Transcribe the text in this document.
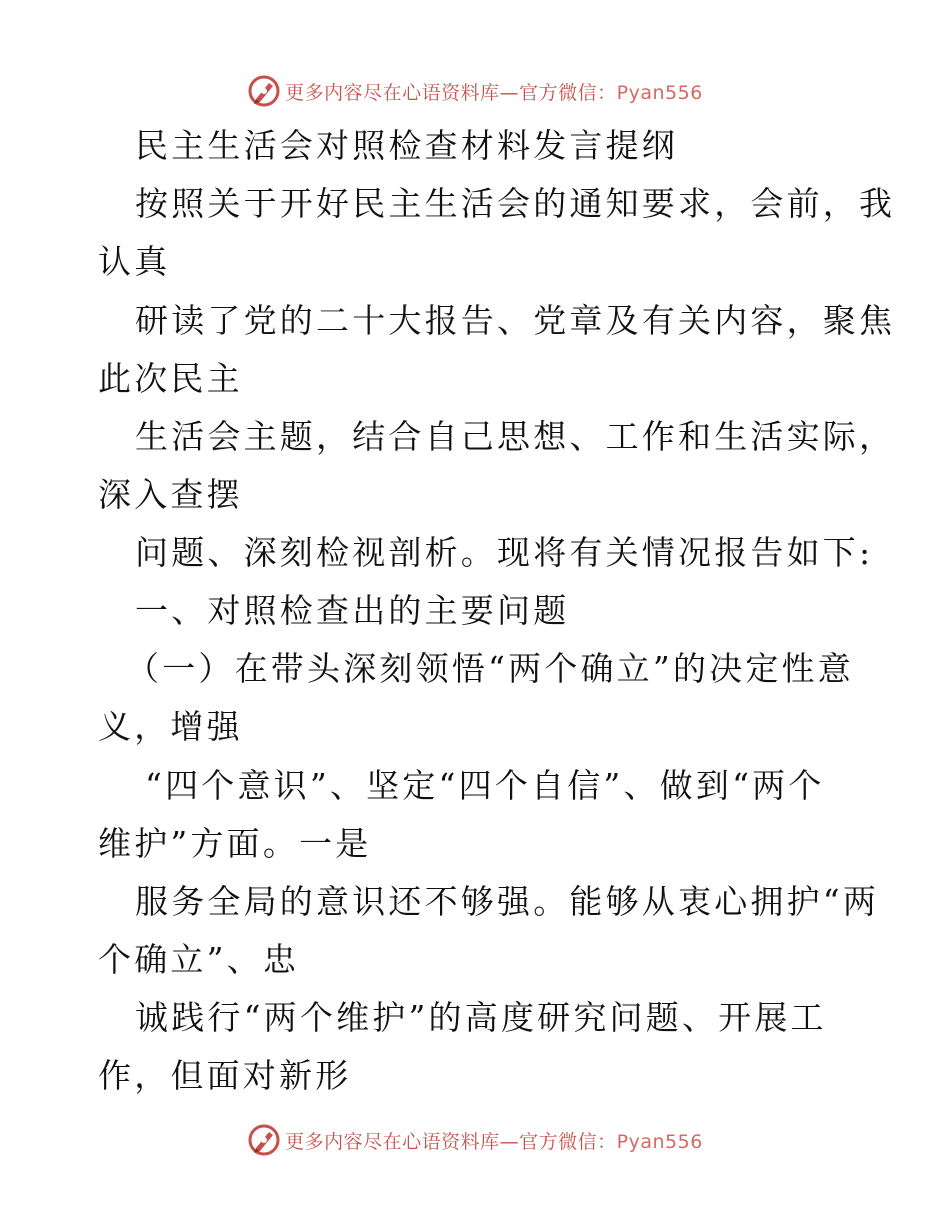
更多内容尽在心语资料库—官方微信：Pyan556
民主生活会对照检查材料发言提纲
按照关于开好民主生活会的通知要求，会前，我
认真
研读了党的二十大报告、党章及有关内容，聚焦
此次民主
生活会主题，结合自己思想、工作和生活实际，
深入查摆
问题、深刻检视剖析。现将有关情况报告如下:
一、对照检查出的主要问题
（一）在带头深刻领悟“两个确立”的决定性意
义，增强
“四个意识”、坚定“四个自信”、做到“两个
维护”方面。一是
服务全局的意识还不够强。能够从衷心拥护“两
个确立”、忠
诚践行“两个维护”的高度研究问题、开展工
作，但面对新形
更多内容尽在心语资料库—官方微信：Pyan556
